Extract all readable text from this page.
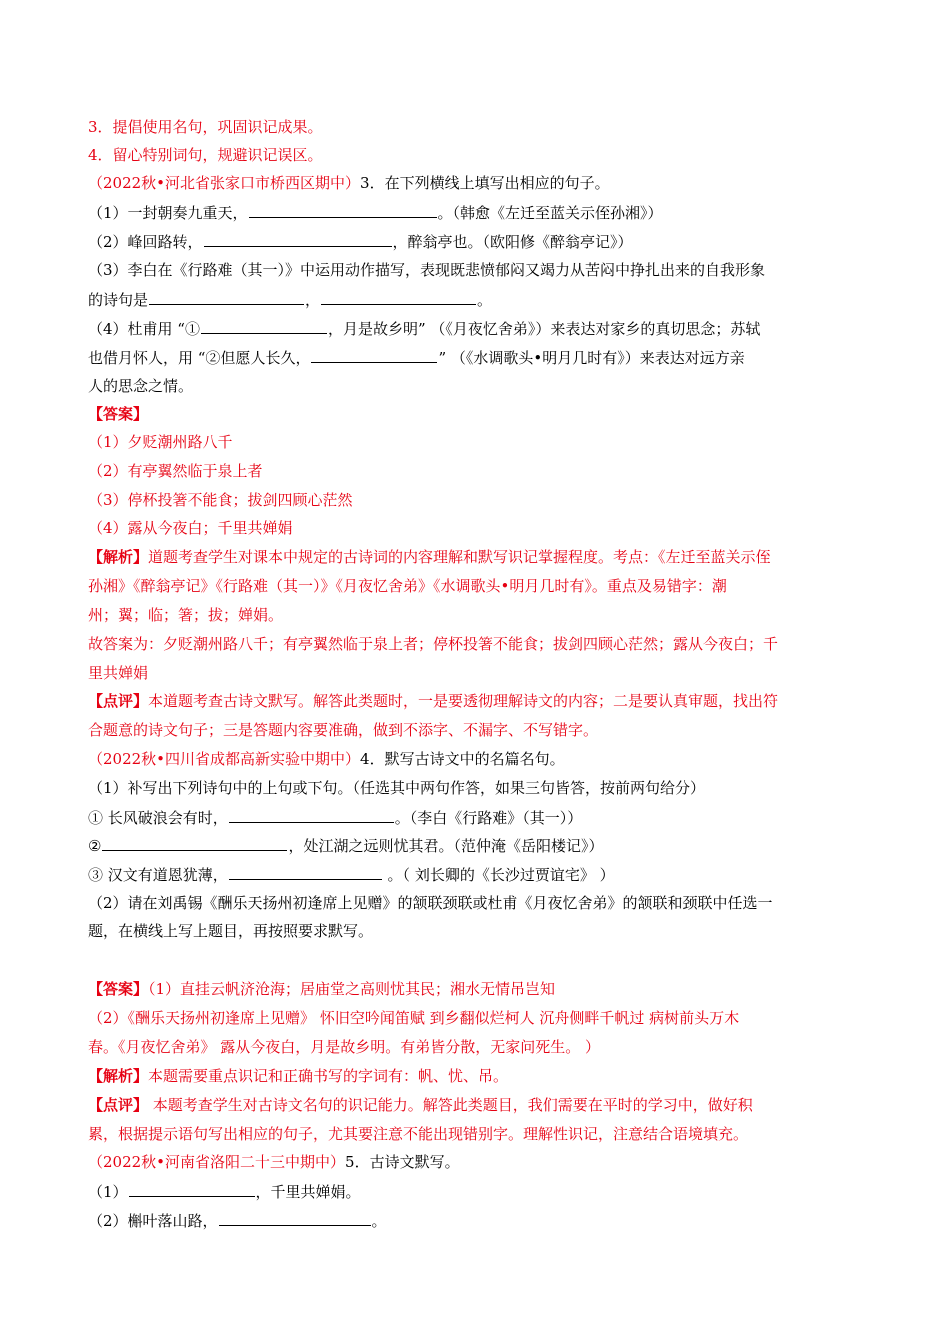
3．提倡使用名句，巩固识记成果。
4．留心特别词句，规避识记误区。
（2022秋•河北省张家口市桥西区期中）3．在下列横线上填写出相应的句子。
（1）一封朝奏九重天，	。（韩愈《左迁至蓝关示侄孙湘》）
（2）峰回路转，	，醉翁亭也。（欧阳修《醉翁亭记》）
（3）李白在《行路难（其一）》中运用动作描写，表现既悲愤郁闷又竭力从苦闷中挣扎出来的自我形象
的诗句是	，	。
（4）杜甫用 “①	，月是故乡明” （《月夜忆舍弟》）来表达对家乡的真切思念；苏轼
也借月怀人，用 “②但愿人长久，	” （《水调歌头•明月几时有》）来表达对远方亲
人的思念之情。
【答案】
（1）夕贬潮州路八千
（2）有亭翼然临于泉上者
（3）停杯投箸不能食；拔剑四顾心茫然
（4）露从今夜白；千里共婵娟
【解析】道题考查学生对课本中规定的古诗词的内容理解和默写识记掌握程度。考点：《左迁至蓝关示侄
孙湘》《醉翁亭记》《行路难（其一）》《月夜忆舍弟》《水调歌头•明月几时有》。重点及易错字：潮
州；翼；临；箸；拔；婵娟。
故答案为：夕贬潮州路八千；有亭翼然临于泉上者；停杯投箸不能食；拔剑四顾心茫然；露从今夜白；千
里共婵娟
【点评】本道题考查古诗文默写。解答此类题时，一是要透彻理解诗文的内容；二是要认真审题，找出符
合题意的诗文句子；三是答题内容要准确，做到不添字、不漏字、不写错字。
（2022秋•四川省成都高新实验中期中）4．默写古诗文中的名篇名句。
（1）补写出下列诗句中的上句或下句。（任选其中两句作答，如果三句皆答，按前两句给分）
① 长风破浪会有时，	。（李白《行路难》（其一））
②	，处江湖之远则忧其君。（范仲淹《岳阳楼记》）
③ 汉文有道恩犹薄，	。（ 刘长卿的《长沙过贾谊宅》 ）
（2）请在刘禹锡《酬乐天扬州初逢席上见赠》的颔联颈联或杜甫《月夜忆舍弟》的颔联和颈联中任选一
题，在横线上写上题目，再按照要求默写。
【答案】（1）直挂云帆济沧海；居庙堂之高则忧其民；湘水无情吊岂知
（2）《酬乐天扬州初逢席上见赠》 怀旧空吟闻笛赋 到乡翻似烂柯人 沉舟侧畔千帆过 病树前头万木
春。《月夜忆舍弟》 露从今夜白，月是故乡明。有弟皆分散，无家问死生。 ）
【解析】本题需要重点识记和正确书写的字词有：帆、忧、吊。
【点评】 本题考查学生对古诗文名句的识记能力。解答此类题目，我们需要在平时的学习中，做好积
累，根据提示语句写出相应的句子，尤其要注意不能出现错别字。理解性识记，注意结合语境填充。
（2022秋•河南省洛阳二十三中期中）5．古诗文默写。
（1）	，千里共婵娟。
（2）槲叶落山路，	。
